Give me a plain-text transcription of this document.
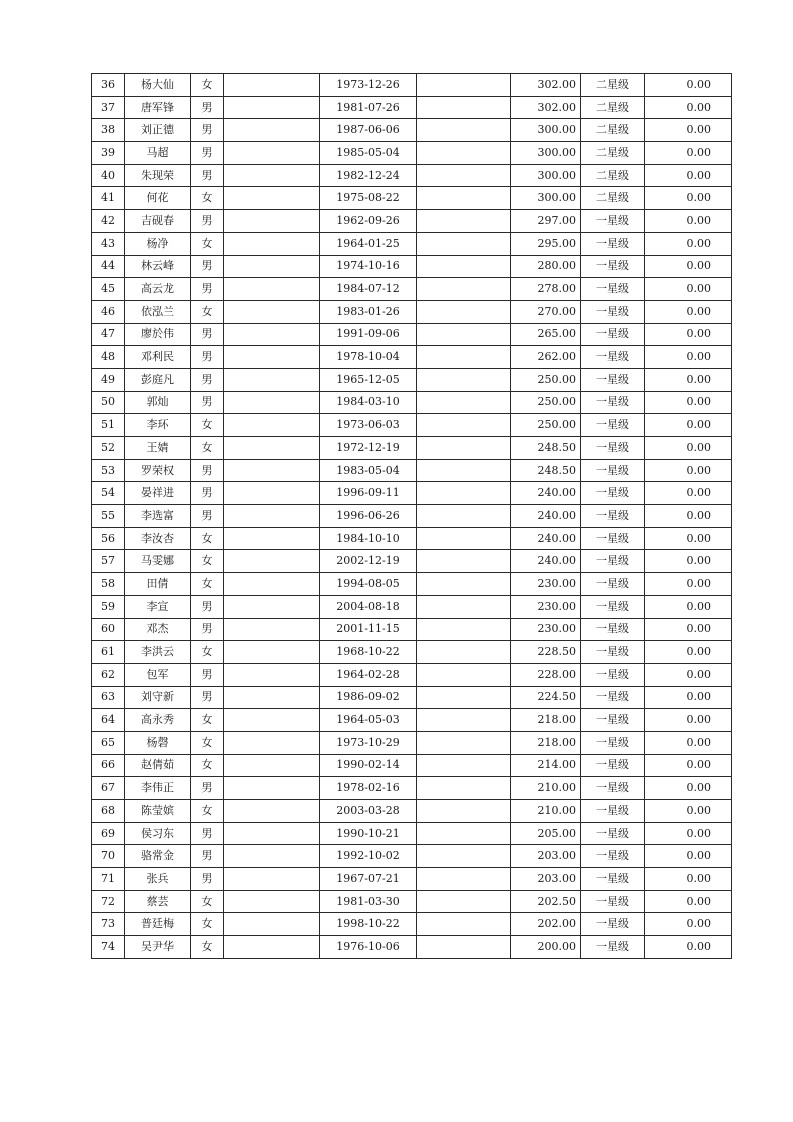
36	杨大仙	女		1973-12-26		302.00	二星级	0.00
37	唐军锋	男		1981-07-26		302.00	二星级	0.00
38	刘正德	男		1987-06-06		300.00	二星级	0.00
39	马超	男		1985-05-04		300.00	二星级	0.00
40	朱现荣	男		1982-12-24		300.00	二星级	0.00
41	何花	女		1975-08-22		300.00	二星级	0.00
42	吉砚春	男		1962-09-26		297.00	一星级	0.00
43	杨净	女		1964-01-25		295.00	一星级	0.00
44	林云峰	男		1974-10-16		280.00	一星级	0.00
45	高云龙	男		1984-07-12		278.00	一星级	0.00
46	依泓兰	女		1983-01-26		270.00	一星级	0.00
47	廖於伟	男		1991-09-06		265.00	一星级	0.00
48	邓利民	男		1978-10-04		262.00	一星级	0.00
49	彭庭凡	男		1965-12-05		250.00	一星级	0.00
50	郭灿	男		1984-03-10		250.00	一星级	0.00
51	李环	女		1973-06-03		250.00	一星级	0.00
52	王婧	女		1972-12-19		248.50	一星级	0.00
53	罗荣权	男		1983-05-04		248.50	一星级	0.00
54	晏祥进	男		1996-09-11		240.00	一星级	0.00
55	李选富	男		1996-06-26		240.00	一星级	0.00
56	李汝杏	女		1984-10-10		240.00	一星级	0.00
57	马雯娜	女		2002-12-19		240.00	一星级	0.00
58	田倩	女		1994-08-05		230.00	一星级	0.00
59	李宣	男		2004-08-18		230.00	一星级	0.00
60	邓杰	男		2001-11-15		230.00	一星级	0.00
61	李洪云	女		1968-10-22		228.50	一星级	0.00
62	包军	男		1964-02-28		228.00	一星级	0.00
63	刘守新	男		1986-09-02		224.50	一星级	0.00
64	高永秀	女		1964-05-03		218.00	一星级	0.00
65	杨磬	女		1973-10-29		218.00	一星级	0.00
66	赵倩茹	女		1990-02-14		214.00	一星级	0.00
67	李伟正	男		1978-02-16		210.00	一星级	0.00
68	陈莹嫔	女		2003-03-28		210.00	一星级	0.00
69	侯习东	男		1990-10-21		205.00	一星级	0.00
70	骆常金	男		1992-10-02		203.00	一星级	0.00
71	张兵	男		1967-07-21		203.00	一星级	0.00
72	蔡芸	女		1981-03-30		202.50	一星级	0.00
73	普廷梅	女		1998-10-22		202.00	一星级	0.00
74	吴尹华	女		1976-10-06		200.00	一星级	0.00
